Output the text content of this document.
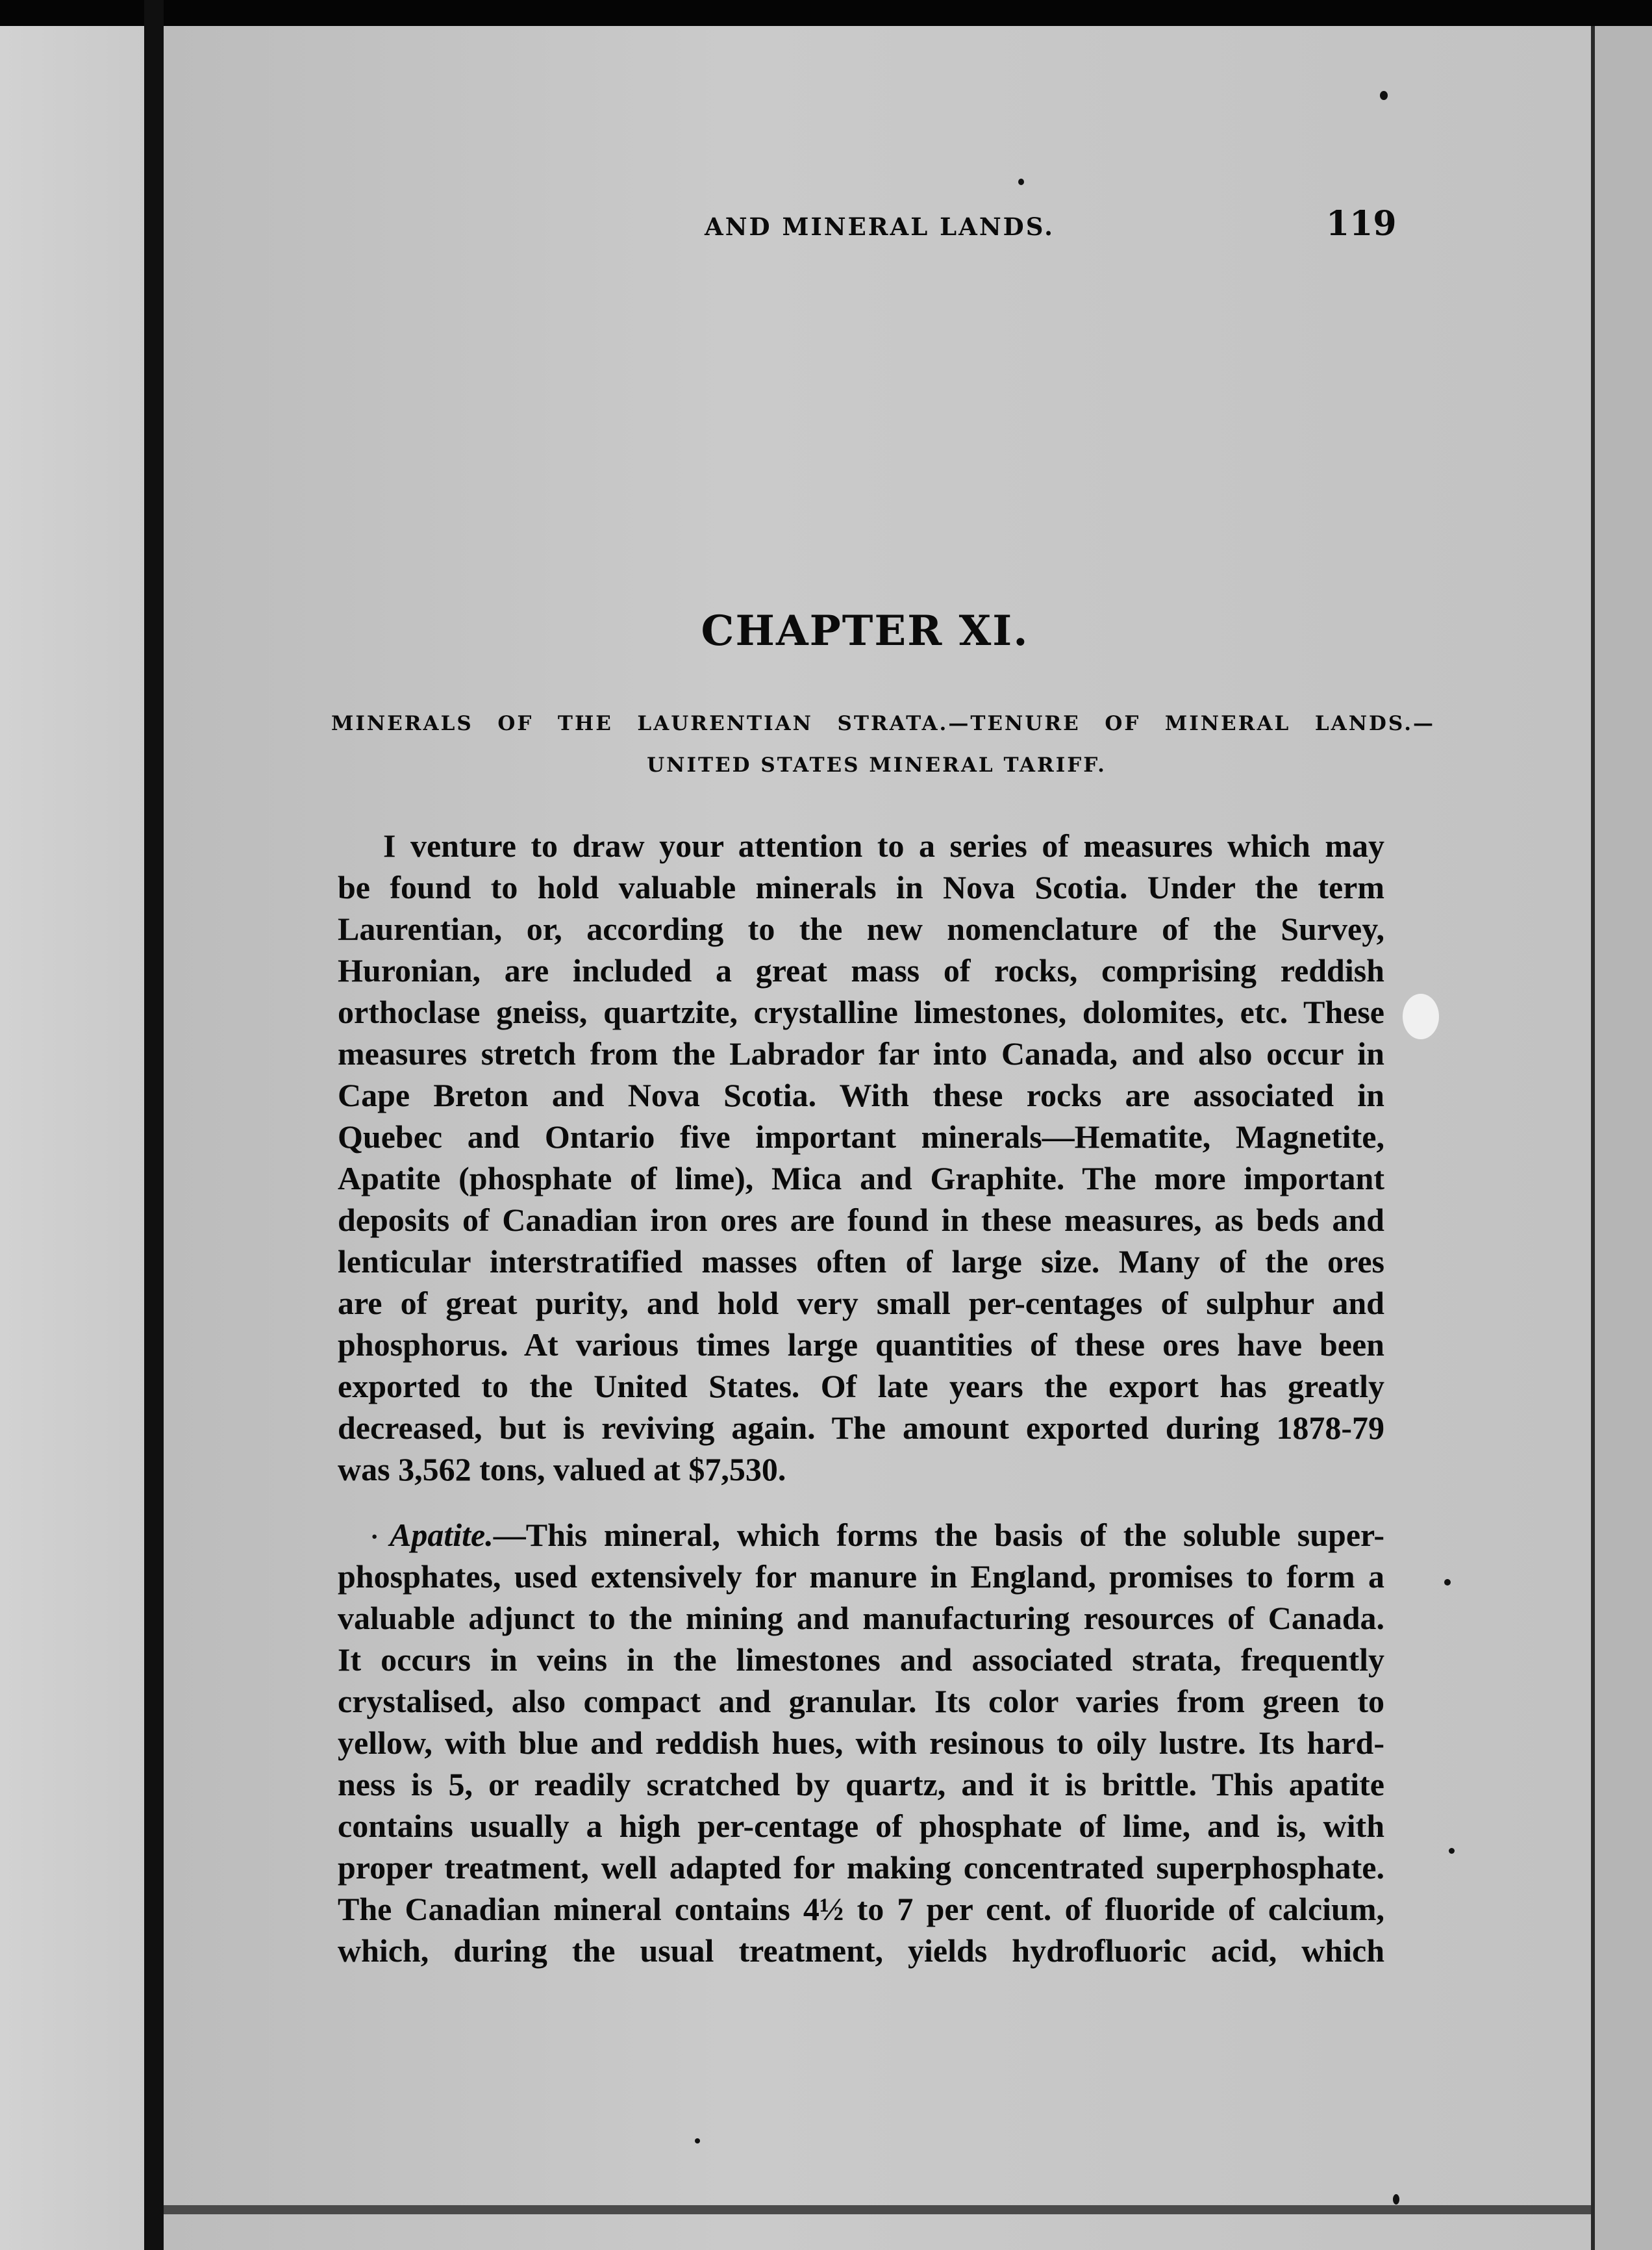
AND MINERAL LANDS.	119
CHAPTER XI.
MINERALS OF THE LAURENTIAN STRATA.—TENURE OF MINERAL LANDS.—
UNITED STATES MINERAL TARIFF.
I venture to draw your attention to a series of measures which may
be found to hold valuable minerals in Nova Scotia. Under the term
Laurentian, or, according to the new nomenclature of the Survey,
Huronian, are included a great mass of rocks, comprising reddish
orthoclase gneiss, quartzite, crystalline limestones, dolomites, etc. These
measures stretch from the Labrador far into Canada, and also occur in
Cape Breton and Nova Scotia. With these rocks are associated in
Quebec and Ontario five important minerals—Hematite, Magnetite,
Apatite (phosphate of lime), Mica and Graphite. The more important
deposits of Canadian iron ores are found in these measures, as beds and
lenticular interstratified masses often of large size. Many of the ores
are of great purity, and hold very small per-centages of sulphur and
phosphorus. At various times large quantities of these ores have been
exported to the United States. Of late years the export has greatly
decreased, but is reviving again. The amount exported during 1878-79
was 3,562 tons, valued at $7,530.
· Apatite.—This mineral, which forms the basis of the soluble super-
phosphates, used extensively for manure in England, promises to form a
valuable adjunct to the mining and manufacturing resources of Canada.
It occurs in veins in the limestones and associated strata, frequently
crystalised, also compact and granular. Its color varies from green to
yellow, with blue and reddish hues, with resinous to oily lustre. Its hard-
ness is 5, or readily scratched by quartz, and it is brittle. This apatite
contains usually a high per-centage of phosphate of lime, and is, with
proper treatment, well adapted for making concentrated superphosphate.
The Canadian mineral contains 4½ to 7 per cent. of fluoride of calcium,
which, during the usual treatment, yields hydrofluoric acid, which
